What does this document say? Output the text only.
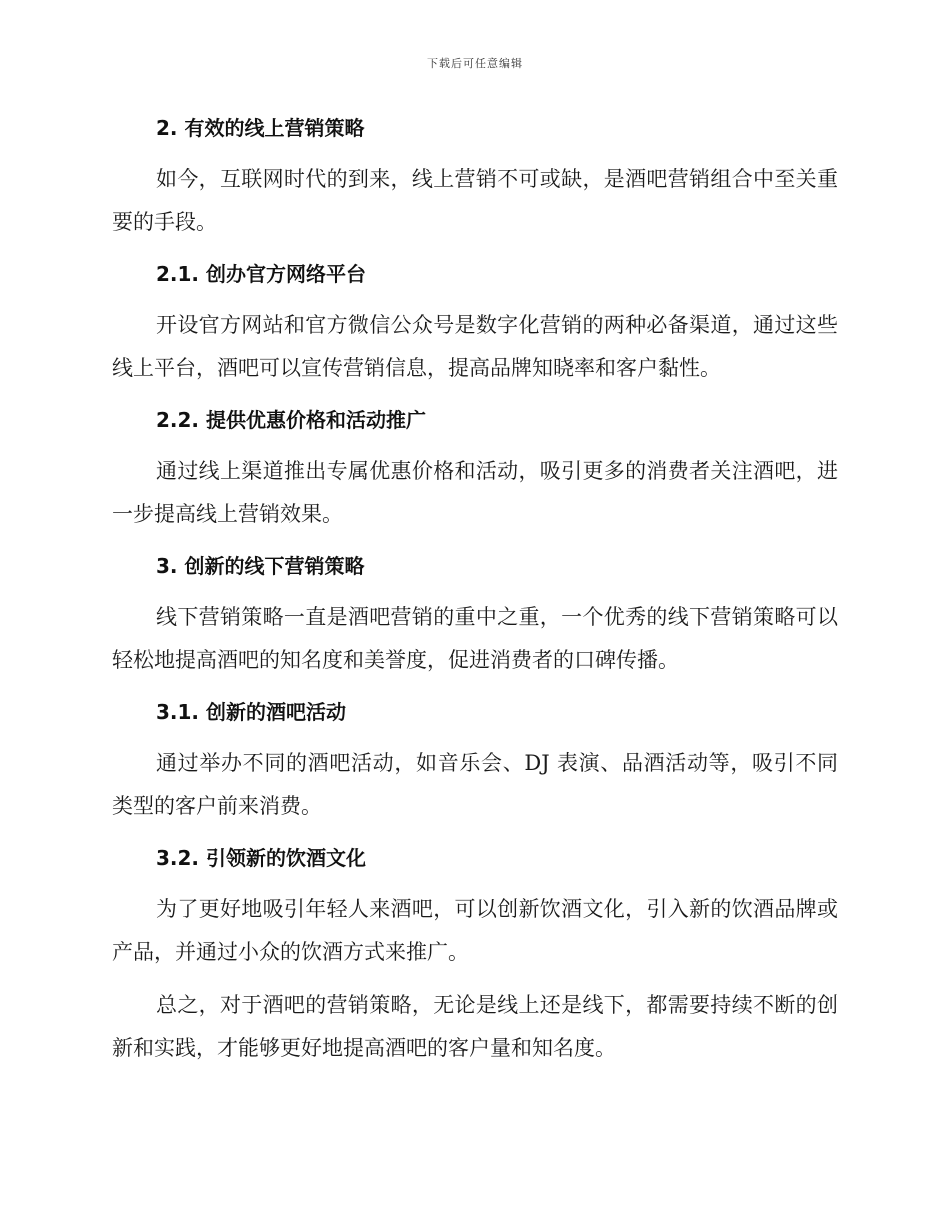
下载后可任意编辑
2. 有效的线上营销策略

如今，互联网时代的到来，线上营销不可或缺，是酒吧营销组合中至关重要的手段。

2.1. 创办官方网络平台

开设官方网站和官方微信公众号是数字化营销的两种必备渠道，通过这些线上平台，酒吧可以宣传营销信息，提高品牌知晓率和客户黏性。

2.2. 提供优惠价格和活动推广

通过线上渠道推出专属优惠价格和活动，吸引更多的消费者关注酒吧，进一步提高线上营销效果。

3. 创新的线下营销策略

线下营销策略一直是酒吧营销的重中之重，一个优秀的线下营销策略可以轻松地提高酒吧的知名度和美誉度，促进消费者的口碑传播。

3.1. 创新的酒吧活动

通过举办不同的酒吧活动，如音乐会、DJ 表演、品酒活动等，吸引不同类型的客户前来消费。

3.2. 引领新的饮酒文化

为了更好地吸引年轻人来酒吧，可以创新饮酒文化，引入新的饮酒品牌或产品，并通过小众的饮酒方式来推广。

总之，对于酒吧的营销策略，无论是线上还是线下，都需要持续不断的创新和实践，才能够更好地提高酒吧的客户量和知名度。
